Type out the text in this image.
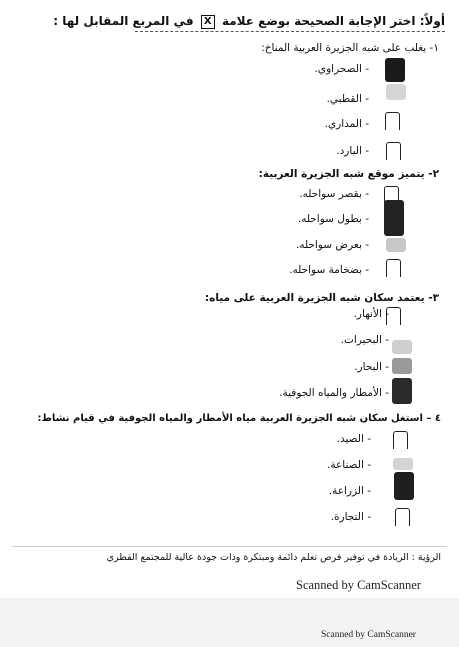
أولاً: اختر الإجابة الصحيحة بوضع علامة X في المربع المقابل لها :
١- يغلب على شبه الجزيرة العربية المناخ:
- الصحراوي.
- القطبي.
- المداري.
- البارد.
٢- يتميز موقع شبه الجزيرة العربية:
- بقصر سواحله.
- بطول سواحله.
- بعرض سواحله.
- بضخامة سواحله.
٣- يعتمد سكان شبه الجزيرة العربية على مياه:
- الأنهار.
- البحيرات.
- البحار.
- الأمطار والمياه الجوفية.
٤ – استغل سكان شبه الجزيرة العربية مياه الأمطار والمياه الجوفية في قيام نشاط:
- الصيد.
- الصناعة.
- الزراعة.
- التجارة.
الرؤية : الريادة في توفير فرص تعلم دائمة ومبتكرة وذات جودة عالية للمجتمع القطري
Scanned by CamScanner
Scanned by CamScanner
